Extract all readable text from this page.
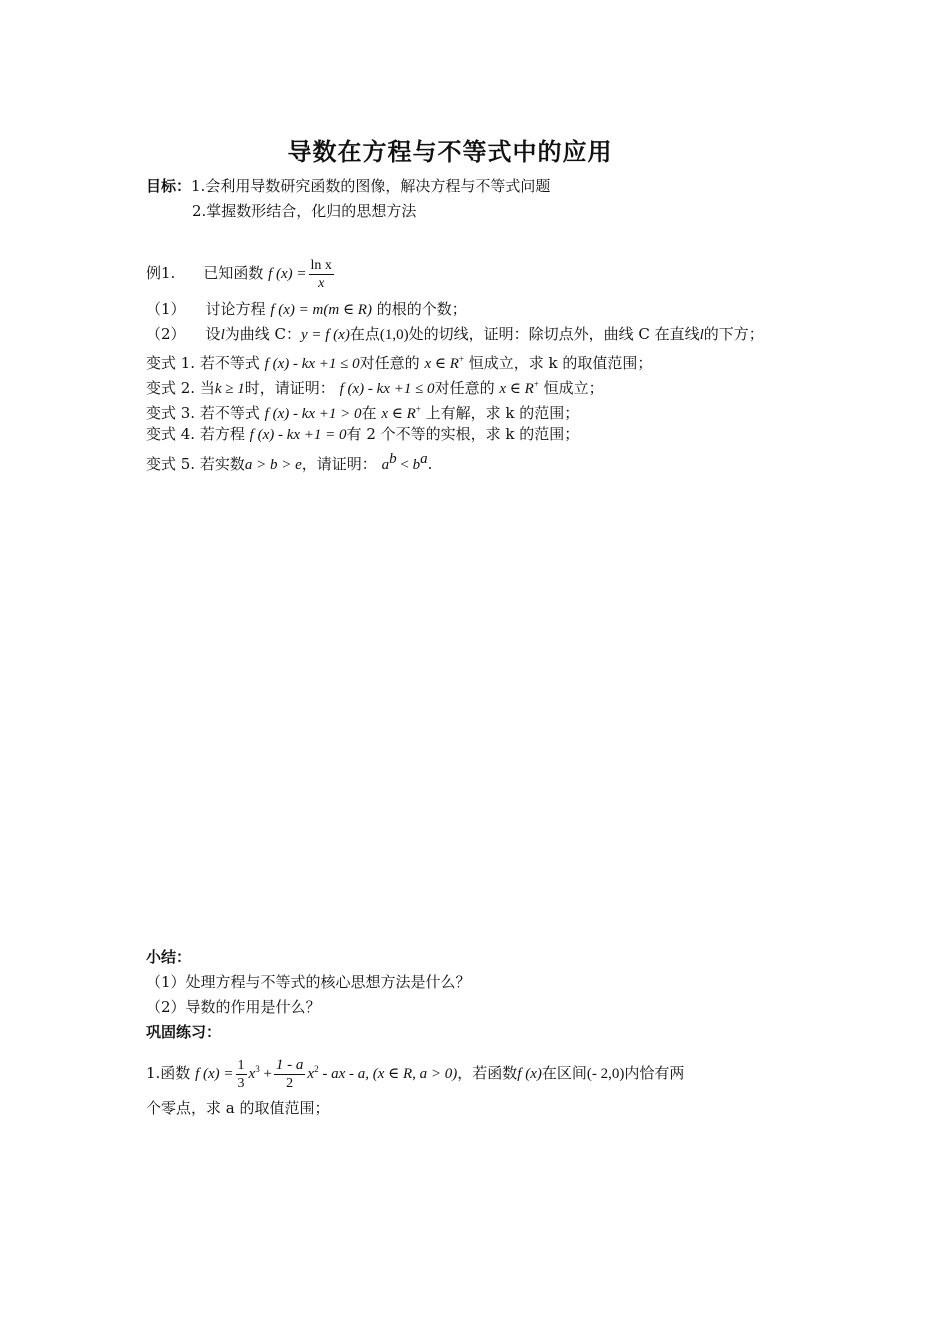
导数在方程与不等式中的应用
目标：1.会利用导数研究函数的图像，解决方程与不等式问题
2.掌握数形结合，化归的思想方法
例1. 已知函数 f $(x) = \frac{\text{ln x}}{x}$
（1） 讨论方程 f (x) = m(m ∈ R) 的根的个数；
（2） 设l为曲线 C：y = f (x)在点(1,0)处的切线，证明：除切点外，曲线 C 在直线l的下方；
变式 1. 若不等式 f (x) - kx +1 ≤ 0对任意的 x ∈ R+ 恒成立，求 k 的取值范围；
变式 2. 当k ≥ 1时，请证明： f (x) - kx +1 ≤ 0对任意的 x ∈ R+ 恒成立；
变式 3. 若不等式 f (x) - kx +1 > 0在 x ∈ R+ 上有解，求 k 的范围；
变式 4. 若方程 f (x) - kx +1 = 0有 2 个不等的实根，求 k 的范围；
变式 5. 若实数a > b > e，请证明： $a^b < b^a$.
小结：
（1）处理方程与不等式的核心思想方法是什么？
（2）导数的作用是什么？
巩固练习：
1.函数 f $(x) = \frac{1}{3} x^3 + \frac{1 - a}{2} x^2$ - ax - a, (x ∈ R, a > 0)，若函数f (x)在区间(- 2,0)内恰有两
个零点，求 a 的取值范围；
